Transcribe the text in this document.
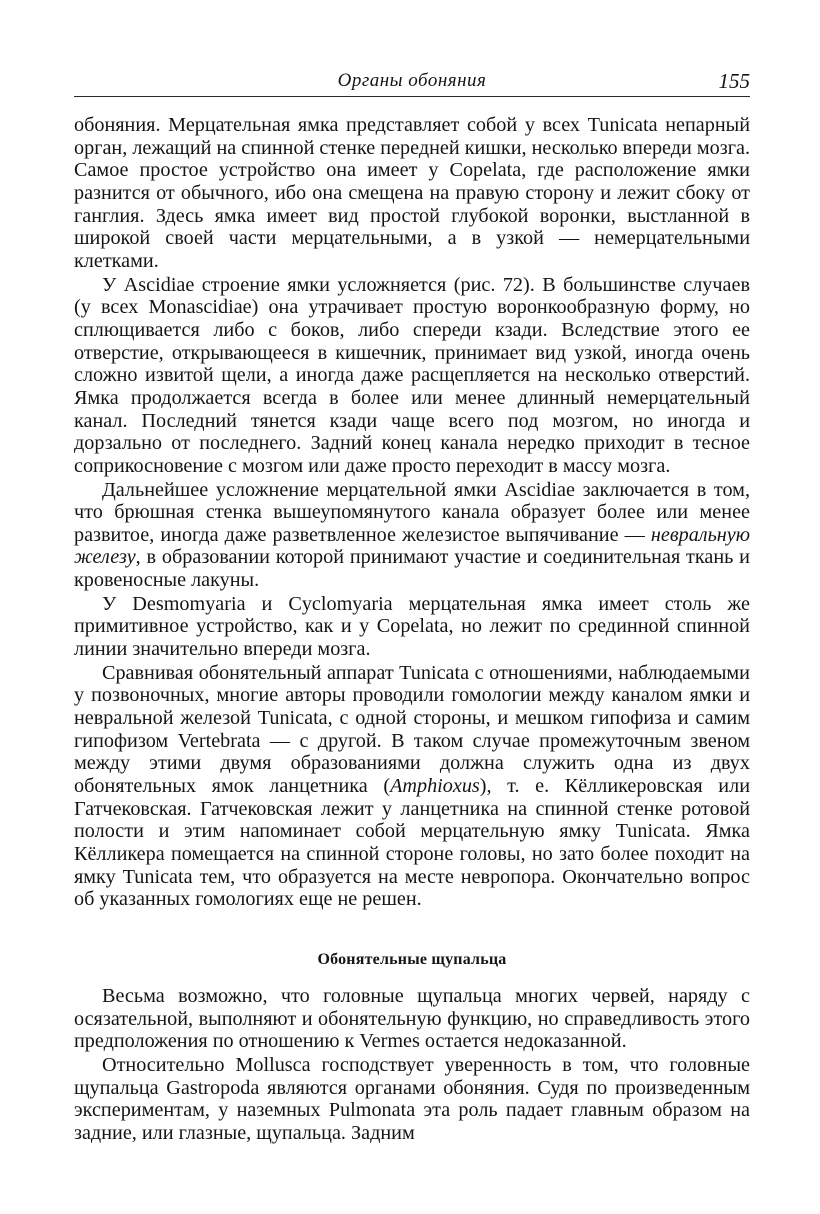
Органы обоняния	155

обоняния. Мерцательная ямка представляет собой у всех Tunicata непарный орган, лежащий на спинной стенке передней кишки, несколько впереди мозга. Самое простое устройство она имеет у Copelata, где расположение ямки разнится от обычного, ибо она смещена на правую сторону и лежит сбоку от ганглия. Здесь ямка имеет вид простой глубокой воронки, выстланной в широкой своей части мерцательными, а в узкой — немерцательными клетками.

У Ascidiae строение ямки усложняется (рис. 72). В большинстве случаев (у всех Monascidiae) она утрачивает простую воронкообразную форму, но сплющивается либо с боков, либо спереди кзади. Вследствие этого ее отверстие, открывающееся в кишечник, принимает вид узкой, иногда очень сложно извитой щели, а иногда даже расщепляется на несколько отверстий. Ямка продолжается всегда в более или менее длинный немерцательный канал. Последний тянется кзади чаще всего под мозгом, но иногда и дорзально от последнего. Задний конец канала нередко приходит в тесное соприкосновение с мозгом или даже просто переходит в массу мозга.

Дальнейшее усложнение мерцательной ямки Ascidiae заключается в том, что брюшная стенка вышеупомянутого канала образует более или менее развитое, иногда даже разветвленное железистое выпячивание — невральную железу, в образовании которой принимают участие и соединительная ткань и кровеносные лакуны.

У Desmomyaria и Cyclomyaria мерцательная ямка имеет столь же примитивное устройство, как и у Copelata, но лежит по срединной спинной линии значительно впереди мозга.

Сравнивая обонятельный аппарат Tunicata с отношениями, наблюдаемыми у позвоночных, многие авторы проводили гомологии между каналом ямки и невральной железой Tunicata, с одной стороны, и мешком гипофиза и самим гипофизом Vertebrata — с другой. В таком случае промежуточным звеном между этими двумя образованиями должна служить одна из двух обонятельных ямок ланцетника (Amphioxus), т. е. Кёлликеровская или Гатчековская. Гатчековская лежит у ланцетника на спинной стенке ротовой полости и этим напоминает собой мерцательную ямку Tunicata. Ямка Кёлликера помещается на спинной стороне головы, но зато более походит на ямку Tunicata тем, что образуется на месте невропора. Окончательно вопрос об указанных гомологиях еще не решен.

Обонятельные щупальца

Весьма возможно, что головные щупальца многих червей, наряду с осязательной, выполняют и обонятельную функцию, но справедливость этого предположения по отношению к Vermes остается недоказанной.

Относительно Mollusca господствует уверенность в том, что головные щупальца Gastropoda являются органами обоняния. Судя по произведенным экспериментам, у наземных Pulmonata эта роль падает главным образом на задние, или глазные, щупальца. Задним
